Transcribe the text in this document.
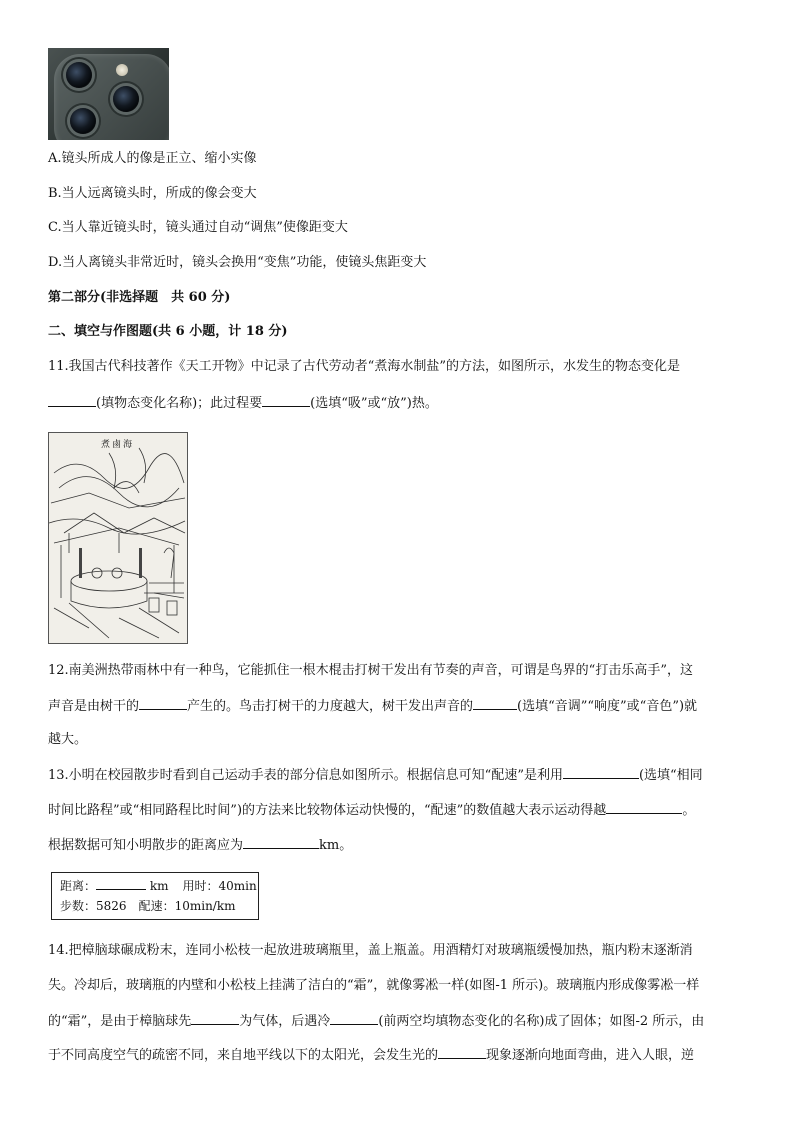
A.镜头所成人的像是正立、缩小实像
B.当人远离镜头时，所成的像会变大
C.当人靠近镜头时，镜头通过自动“调焦”使像距变大
D.当人离镜头非常近时，镜头会换用“变焦”功能，使镜头焦距变大
第二部分(非选择题　共 60 分)
二、填空与作图题(共 6 小题，计 18 分)
11.我国古代科技著作《天工开物》中记录了古代劳动者“煮海水制盐”的方法，如图所示，水发生的物态变化是
(填物态变化名称)；此过程要	(选填“吸”或“放”)热。
煮鹵海
12.南美洲热带雨林中有一种鸟，它能抓住一根木棍击打树干发出有节奏的声音，可谓是鸟界的“打击乐高手”，这
声音是由树干的	产生的。鸟击打树干的力度越大，树干发出声音的	(选填“音调”“响度”或“音色”)就
越大。
13.小明在校园散步时看到自己运动手表的部分信息如图所示。根据信息可知“配速”是利用	(选填“相同
时间比路程”或“相同路程比时间”)的方法来比较物体运动快慢的，“配速”的数值越大表示运动得越	。
根据数据可知小明散步的距离应为	km。
距离：	km 用时：40min
步数：5826 配速：10min/km
14.把樟脑球碾成粉末，连同小松枝一起放进玻璃瓶里，盖上瓶盖。用酒精灯对玻璃瓶缓慢加热，瓶内粉末逐渐消
失。冷却后，玻璃瓶的内壁和小松枝上挂满了洁白的“霜”，就像雾凇一样(如图-1 所示)。玻璃瓶内形成像雾凇一样
的“霜”，是由于樟脑球先	为气体，后遇冷	(前两空均填物态变化的名称)成了固体；如图-2 所示，由
于不同高度空气的疏密不同，来自地平线以下的太阳光，会发生光的	现象逐渐向地面弯曲，进入人眼，逆
